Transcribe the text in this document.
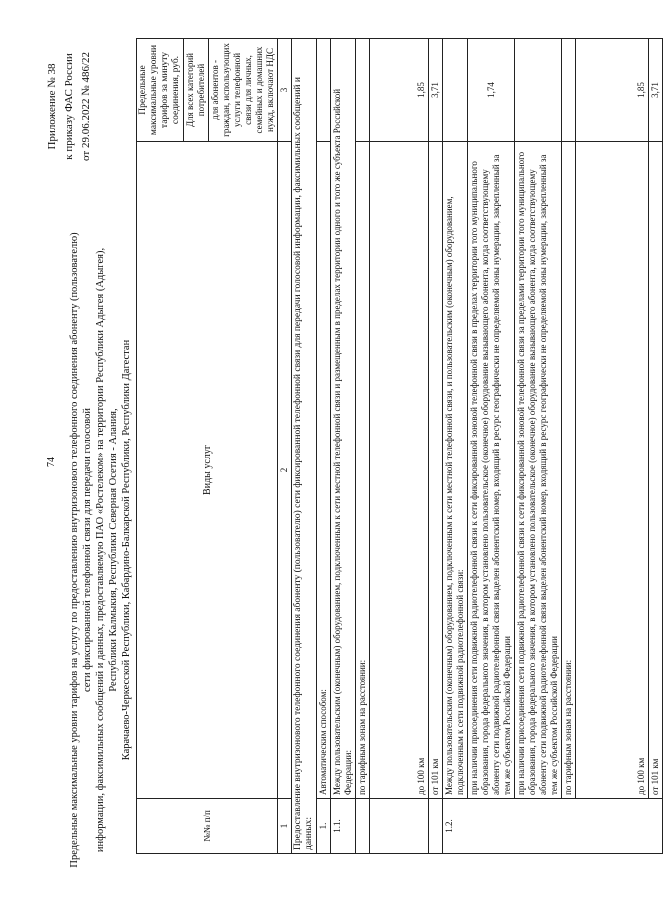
74
Приложение № 38 к приказу ФАС России от 29.06.2022 № 486/22
Предельные максимальные уровни тарифов на услугу по предоставлению внутризонового телефонного соединения абоненту (пользователю) сети фиксированной телефонной связи для передачи голосовой информации, факсимильных сообщений и данных, предоставляемую ПАО «Ростелеком» на территории Республики Адыгея (Адыгея), Республики Калмыкия, Республики Северная Осетия - Алания, Карачаево-Черкесской Республики, Кабардино-Балкарской Республики, Республики Дагестан
№№ п/п	Виды услуг	Предельные максимальные уровни тарифов за минуту соединения, руб.
		Для всех категорий потребителей
		для абонентов - граждан, использующих услуги телефонной связи для личных, семейных и домашних нужд, включают НДС
1	2	3
Предоставление внутризонового телефонного соединения абоненту (пользователю) сети фиксированной телефонной связи для передачи голосовой информации, факсимильных сообщений и данных:		
1.	Автоматическим способом:	
1.1.	Между пользовательским (оконечным) оборудованием, подключенным к сети местной телефонной связи и размещенным в пределах территории одного и того же субъекта Российской Федерации:	
	по тарифным зонам на расстоянии:	
	до 100 км	1,85
	от 101 км	3,71
1.2.	Между пользовательским (оконечным) оборудованием, подключенным к сети местной телефонной связи, и пользовательским (оконечным) оборудованием, подключенным к сети подвижной радиотелефонной связи:	
	при наличии присоединения сети подвижной радиотелефонной связи к сети фиксированной зоновой телефонной связи в пределах территории того муниципального образования, города федерального значения, в котором установлено пользовательское (оконечное) оборудование вызывающего абонента, когда соответствующему абоненту сети подвижной радиотелефонной связи выделен абонентский номер, входящий в ресурс географически не определяемой зоны нумерации, закрепленный за тем же субъектом Российской Федерации	1,74
	при наличии присоединения сети подвижной радиотелефонной связи к сети фиксированной зоновой телефонной связи за пределами территории того муниципального образования, города федерального значения, в котором установлено пользовательское (оконечное) оборудование вызывающего абонента, когда соответствующему абоненту сети подвижной радиотелефонной связи выделен абонентский номер, входящий в ресурс географически не определяемой зоны нумерации, закрепленный за тем же субъектом Российской Федерации	
	по тарифным зонам на расстоянии:	
	до 100 км	1,85
	от 101 км	3,71
